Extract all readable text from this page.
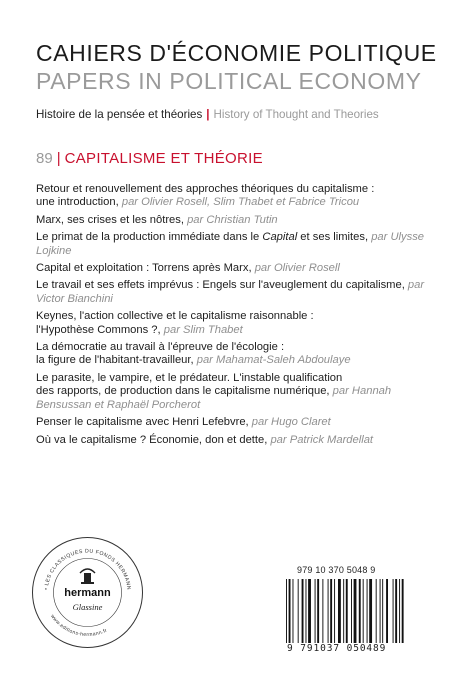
CAHIERS D'ÉCONOMIE POLITIQUE
PAPERS IN POLITICAL ECONOMY
Histoire de la pensée et théories | History of Thought and Theories
89 | CAPITALISME ET THÉORIE
Retour et renouvellement des approches théoriques du capitalisme :
une introduction, par Olivier Rosell, Slim Thabet et Fabrice Tricou
Marx, ses crises et les nôtres, par Christian Tutin
Le primat de la production immédiate dans le Capital et ses limites, par Ulysse Lojkine
Capital et exploitation : Torrens après Marx, par Olivier Rosell
Le travail et ses effets imprévus : Engels sur l'aveuglement du capitalisme, par Victor Bianchini
Keynes, l'action collective et le capitalisme raisonnable :
l'Hypothèse Commons ?, par Slim Thabet
La démocratie au travail à l'épreuve de l'écologie :
la figure de l'habitant-travailleur, par Mahamat-Saleh Abdoulaye
Le parasite, le vampire, et le prédateur. L'instable qualification
des rapports, de production dans le capitalisme numérique, par Hannah Bensussan et Raphaël Porcherot
Penser le capitalisme avec Henri Lefebvre, par Hugo Claret
Où va le capitalisme ? Économie, don et dette, par Patrick Mardellat
• LES CLASSIQUES DU FONDS HERMANN
www.editions-hermann.fr
hermann
Glassine
979 10 370 5048 9
9 791037 050489
